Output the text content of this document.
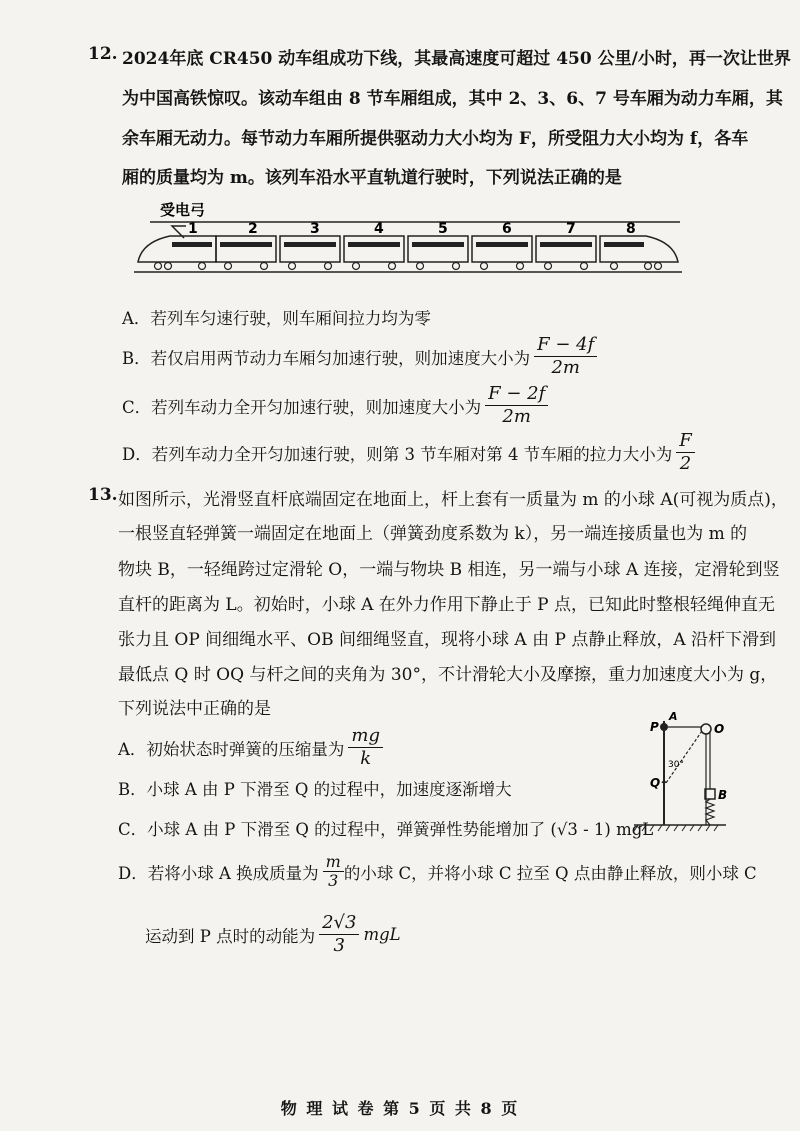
12. 2024年底 CR450 动车组成功下线，其最高速度可超过 450 公里/小时，再一次让世界
为中国高铁惊叹。该动车组由 8 节车厢组成，其中 2、3、6、7 号车厢为动力车厢，其
余车厢无动力。每节动力车厢所提供驱动力大小均为 F，所受阻力大小均为 f，各车
厢的质量均为 m。该列车沿水平直轨道行驶时，下列说法正确的是
受电弓
1	2	3	4	5	6	7	8
A．若列车匀速行驶，则车厢间拉力均为零
B．若仅启用两节动力车厢匀加速行驶，则加速度大小为 $\frac{F - 4f}{2m}$
C．若列车动力全开匀加速行驶，则加速度大小为 $\frac{F - 2f}{2m}$
D．若列车动力全开匀加速行驶，则第 3 节车厢对第 4 节车厢的拉力大小为 $\frac{F}{2}$
13. 如图所示，光滑竖直杆底端固定在地面上，杆上套有一质量为 m 的小球 A(可视为质点)，
一根竖直轻弹簧一端固定在地面上（弹簧劲度系数为 k），另一端连接质量也为 m 的
物块 B，一轻绳跨过定滑轮 O，一端与物块 B 相连，另一端与小球 A 连接，定滑轮到竖
直杆的距离为 L。初始时，小球 A 在外力作用下静止于 P 点，已知此时整根轻绳伸直无
张力且 OP 间细绳水平、OB 间细绳竖直，现将小球 A 由 P 点静止释放，A 沿杆下滑到
最低点 Q 时 OQ 与杆之间的夹角为 30°，不计滑轮大小及摩擦，重力加速度大小为 g，
下列说法中正确的是
P
A
O
Q
B
30°
A．初始状态时弹簧的压缩量为 $\frac{mg}{k}$
B．小球 A 由 P 下滑至 Q 的过程中，加速度逐渐增大
C．小球 A 由 P 下滑至 Q 的过程中，弹簧弹性势能增加了 (√3 - 1) mgL
D．若将小球 A 换成质量为 $\frac{m}{3}$ 的小球 C，并将小球 C 拉至 Q 点由静止释放，则小球 C
运动到 P 点时的动能为 $\frac{2√3}{3}$ mgL
物 理 试 卷 第 5 页 共 8 页
